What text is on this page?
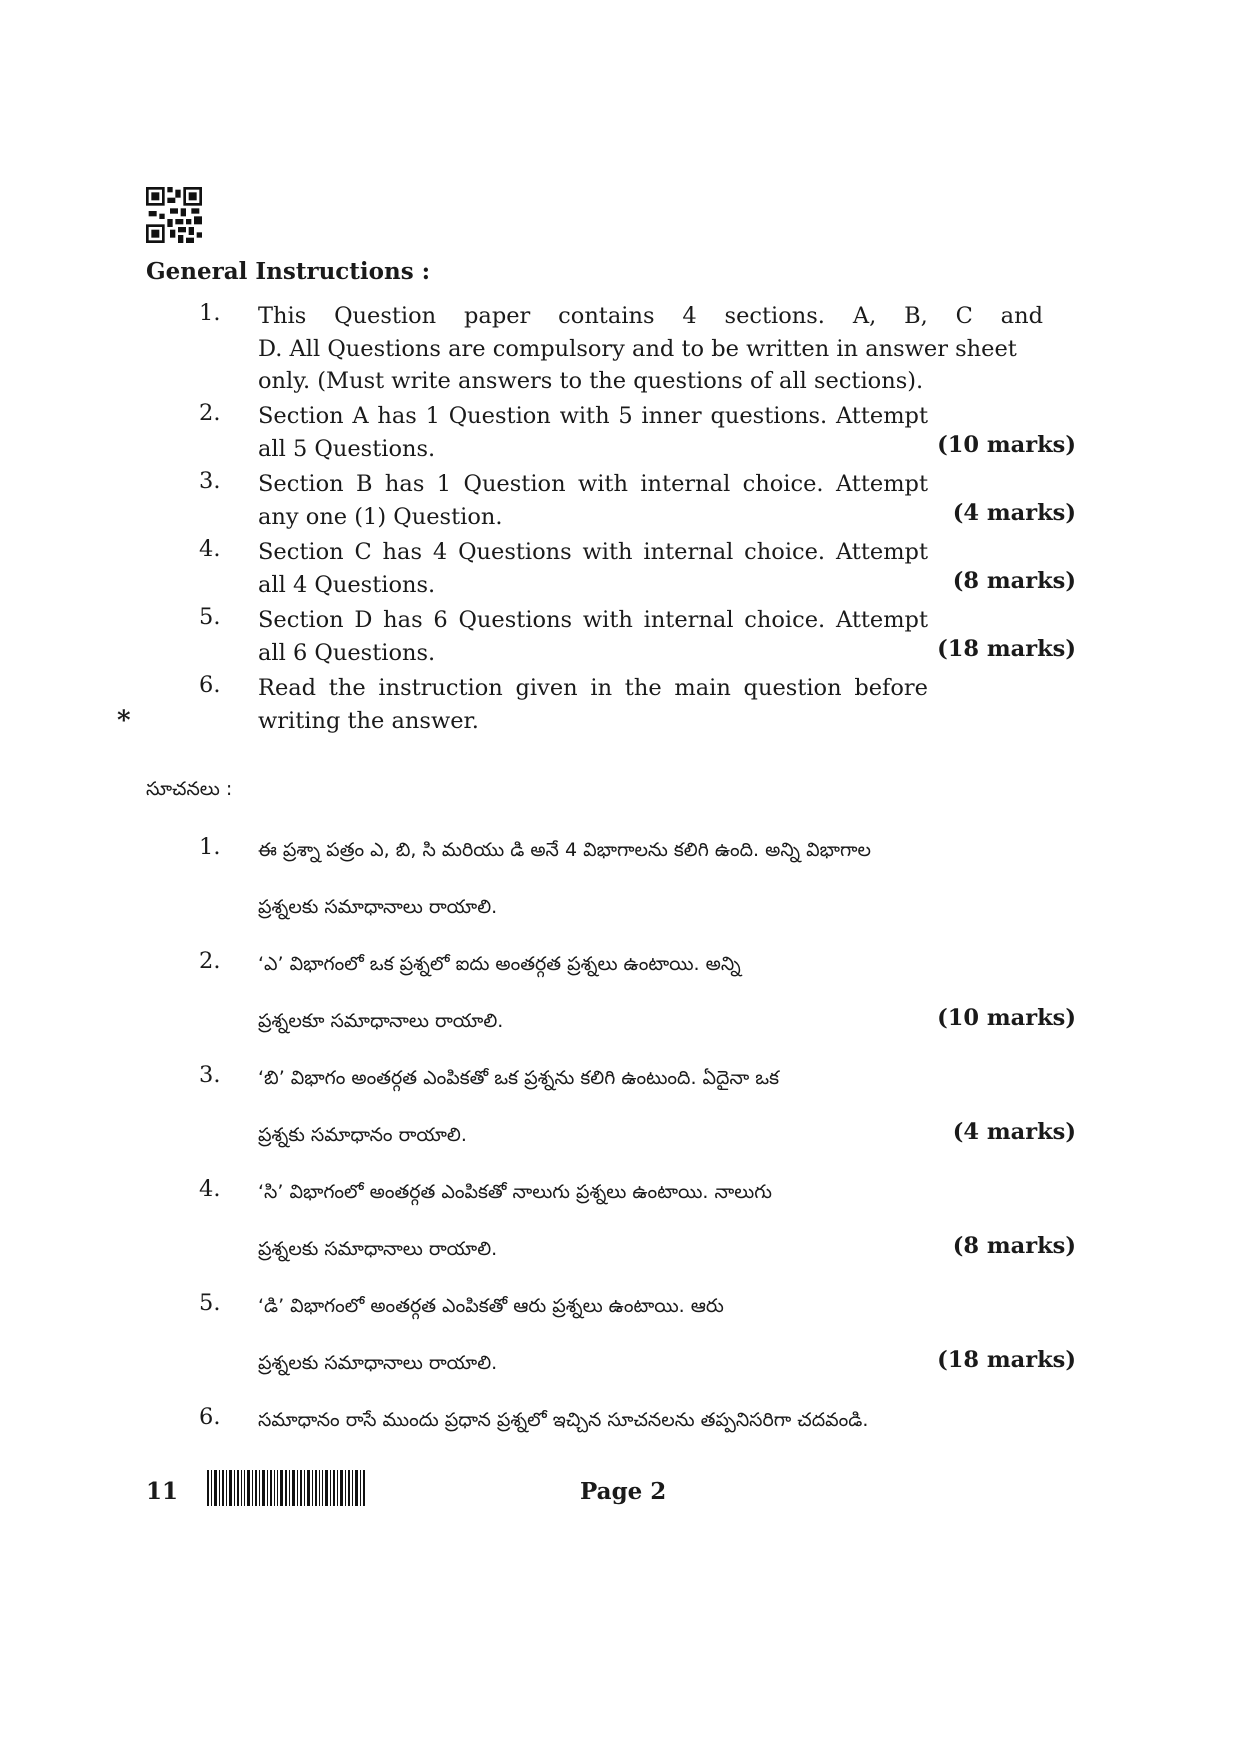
General Instructions :
1. This Question paper contains 4 sections. A, B, C and
D. All Questions are compulsory and to be written in answer sheet
only. (Must write answers to the questions of all sections).
2. Section A has 1 Question with 5 inner questions. Attempt
all 5 Questions.	(10 marks)
3. Section B has 1 Question with internal choice. Attempt
any one (1) Question.	(4 marks)
4. Section C has 4 Questions with internal choice. Attempt
all 4 Questions.	(8 marks)
5. Section D has 6 Questions with internal choice. Attempt
all 6 Questions.	(18 marks)
6. Read the instruction given in the main question before
writing the answer.
*
సూచనలు :
1. ఈ ప్రశ్నా పత్రం ఎ, బి, సి మరియు డి అనే 4 విభాగాలను కలిగి ఉంది. అన్ని విభాగాల
ప్రశ్నలకు సమాధానాలు రాయాలి.
2. ‘ఎ’ విభాగంలో ఒక ప్రశ్నలో ఐదు అంతర్గత ప్రశ్నలు ఉంటాయి. అన్ని
ప్రశ్నలకూ సమాధానాలు రాయాలి.	(10 marks)
3. ‘బి’ విభాగం అంతర్గత ఎంపికతో ఒక ప్రశ్నను కలిగి ఉంటుంది. ఏదైనా ఒక
ప్రశ్నకు సమాధానం రాయాలి.	(4 marks)
4. ‘సి’ విభాగంలో అంతర్గత ఎంపికతో నాలుగు ప్రశ్నలు ఉంటాయి. నాలుగు
ప్రశ్నలకు సమాధానాలు రాయాలి.	(8 marks)
5. ‘డి’ విభాగంలో అంతర్గత ఎంపికతో ఆరు ప్రశ్నలు ఉంటాయి. ఆరు
ప్రశ్నలకు సమాధానాలు రాయాలి.	(18 marks)
6. సమాధానం రాసే ముందు ప్రధాన ప్రశ్నలో ఇచ్చిన సూచనలను తప్పనిసరిగా చదవండి.
11	Page 2
